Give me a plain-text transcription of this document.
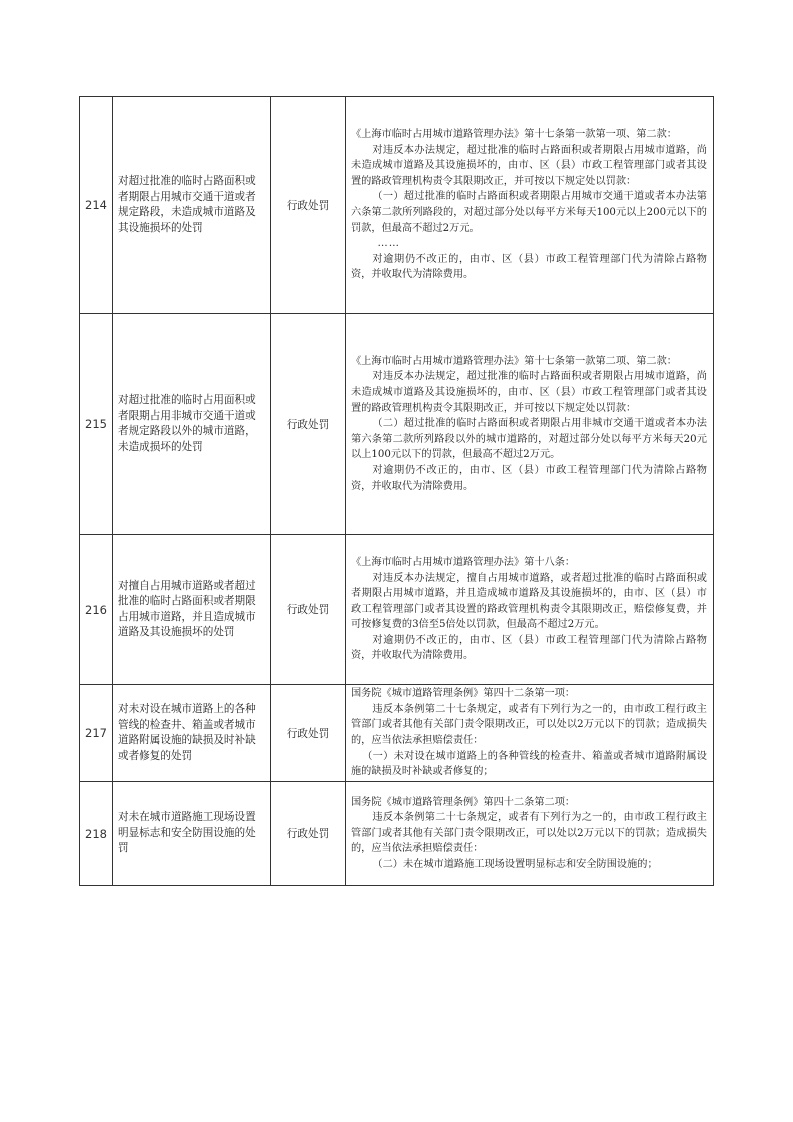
214	对超过批准的临时占路面积或者期限占用城市交通干道或者规定路段，未造成城市道路及其设施损坏的处罚	行政处罚	《上海市临时占用城市道路管理办法》第十七条第一款第一项、第二款：

对违反本办法规定，超过批准的临时占路面积或者期限占用城市道路，尚未造成城市道路及其设施损坏的，由市、区（县）市政工程管理部门或者其设置的路政管理机构责令其限期改正，并可按以下规定处以罚款：

（一）超过批准的临时占路面积或者期限占用城市交通干道或者本办法第六条第二款所列路段的，对超过部分处以每平方米每天100元以上200元以下的罚款，但最高不超过2万元。

……

对逾期仍不改正的，由市、区（县）市政工程管理部门代为清除占路物资，并收取代为清除费用。

215	对超过批准的临时占用面积或者限期占用非城市交通干道或者规定路段以外的城市道路，未造成损坏的处罚	行政处罚	《上海市临时占用城市道路管理办法》第十七条第一款第二项、第二款：

对违反本办法规定，超过批准的临时占路面积或者期限占用城市道路，尚未造成城市道路及其设施损坏的，由市、区（县）市政工程管理部门或者其设置的路政管理机构责令其限期改正，并可按以下规定处以罚款：

（二）超过批准的临时占路面积或者期限占用非城市交通干道或者本办法第六条第二款所列路段以外的城市道路的，对超过部分处以每平方米每天20元以上100元以下的罚款，但最高不超过2万元。

对逾期仍不改正的，由市、区（县）市政工程管理部门代为清除占路物资，并收取代为清除费用。

216	对擅自占用城市道路或者超过批准的临时占路面积或者期限占用城市道路，并且造成城市道路及其设施损坏的处罚	行政处罚	《上海市临时占用城市道路管理办法》第十八条：

对违反本办法规定，擅自占用城市道路，或者超过批准的临时占路面积或者期限占用城市道路，并且造成城市道路及其设施损坏的，由市、区（县）市政工程管理部门或者其设置的路政管理机构责令其限期改正，赔偿修复费，并可按修复费的3倍至5倍处以罚款，但最高不超过2万元。

对逾期仍不改正的，由市、区（县）市政工程管理部门代为清除占路物资，并收取代为清除费用。

217	对未对设在城市道路上的各种管线的检查井、箱盖或者城市道路附属设施的缺损及时补缺或者修复的处罚	行政处罚	国务院《城市道路管理条例》第四十二条第一项：

违反本条例第二十七条规定，或者有下列行为之一的，由市政工程行政主管部门或者其他有关部门责令限期改正，可以处以2万元以下的罚款；造成损失的，应当依法承担赔偿责任：

（一）未对设在城市道路上的各种管线的检查井、箱盖或者城市道路附属设施的缺损及时补缺或者修复的；

218	对未在城市道路施工现场设置明显标志和安全防围设施的处罚	行政处罚	国务院《城市道路管理条例》第四十二条第二项：

违反本条例第二十七条规定，或者有下列行为之一的，由市政工程行政主管部门或者其他有关部门责令限期改正，可以处以2万元以下的罚款；造成损失的，应当依法承担赔偿责任：

（二）未在城市道路施工现场设置明显标志和安全防围设施的；
